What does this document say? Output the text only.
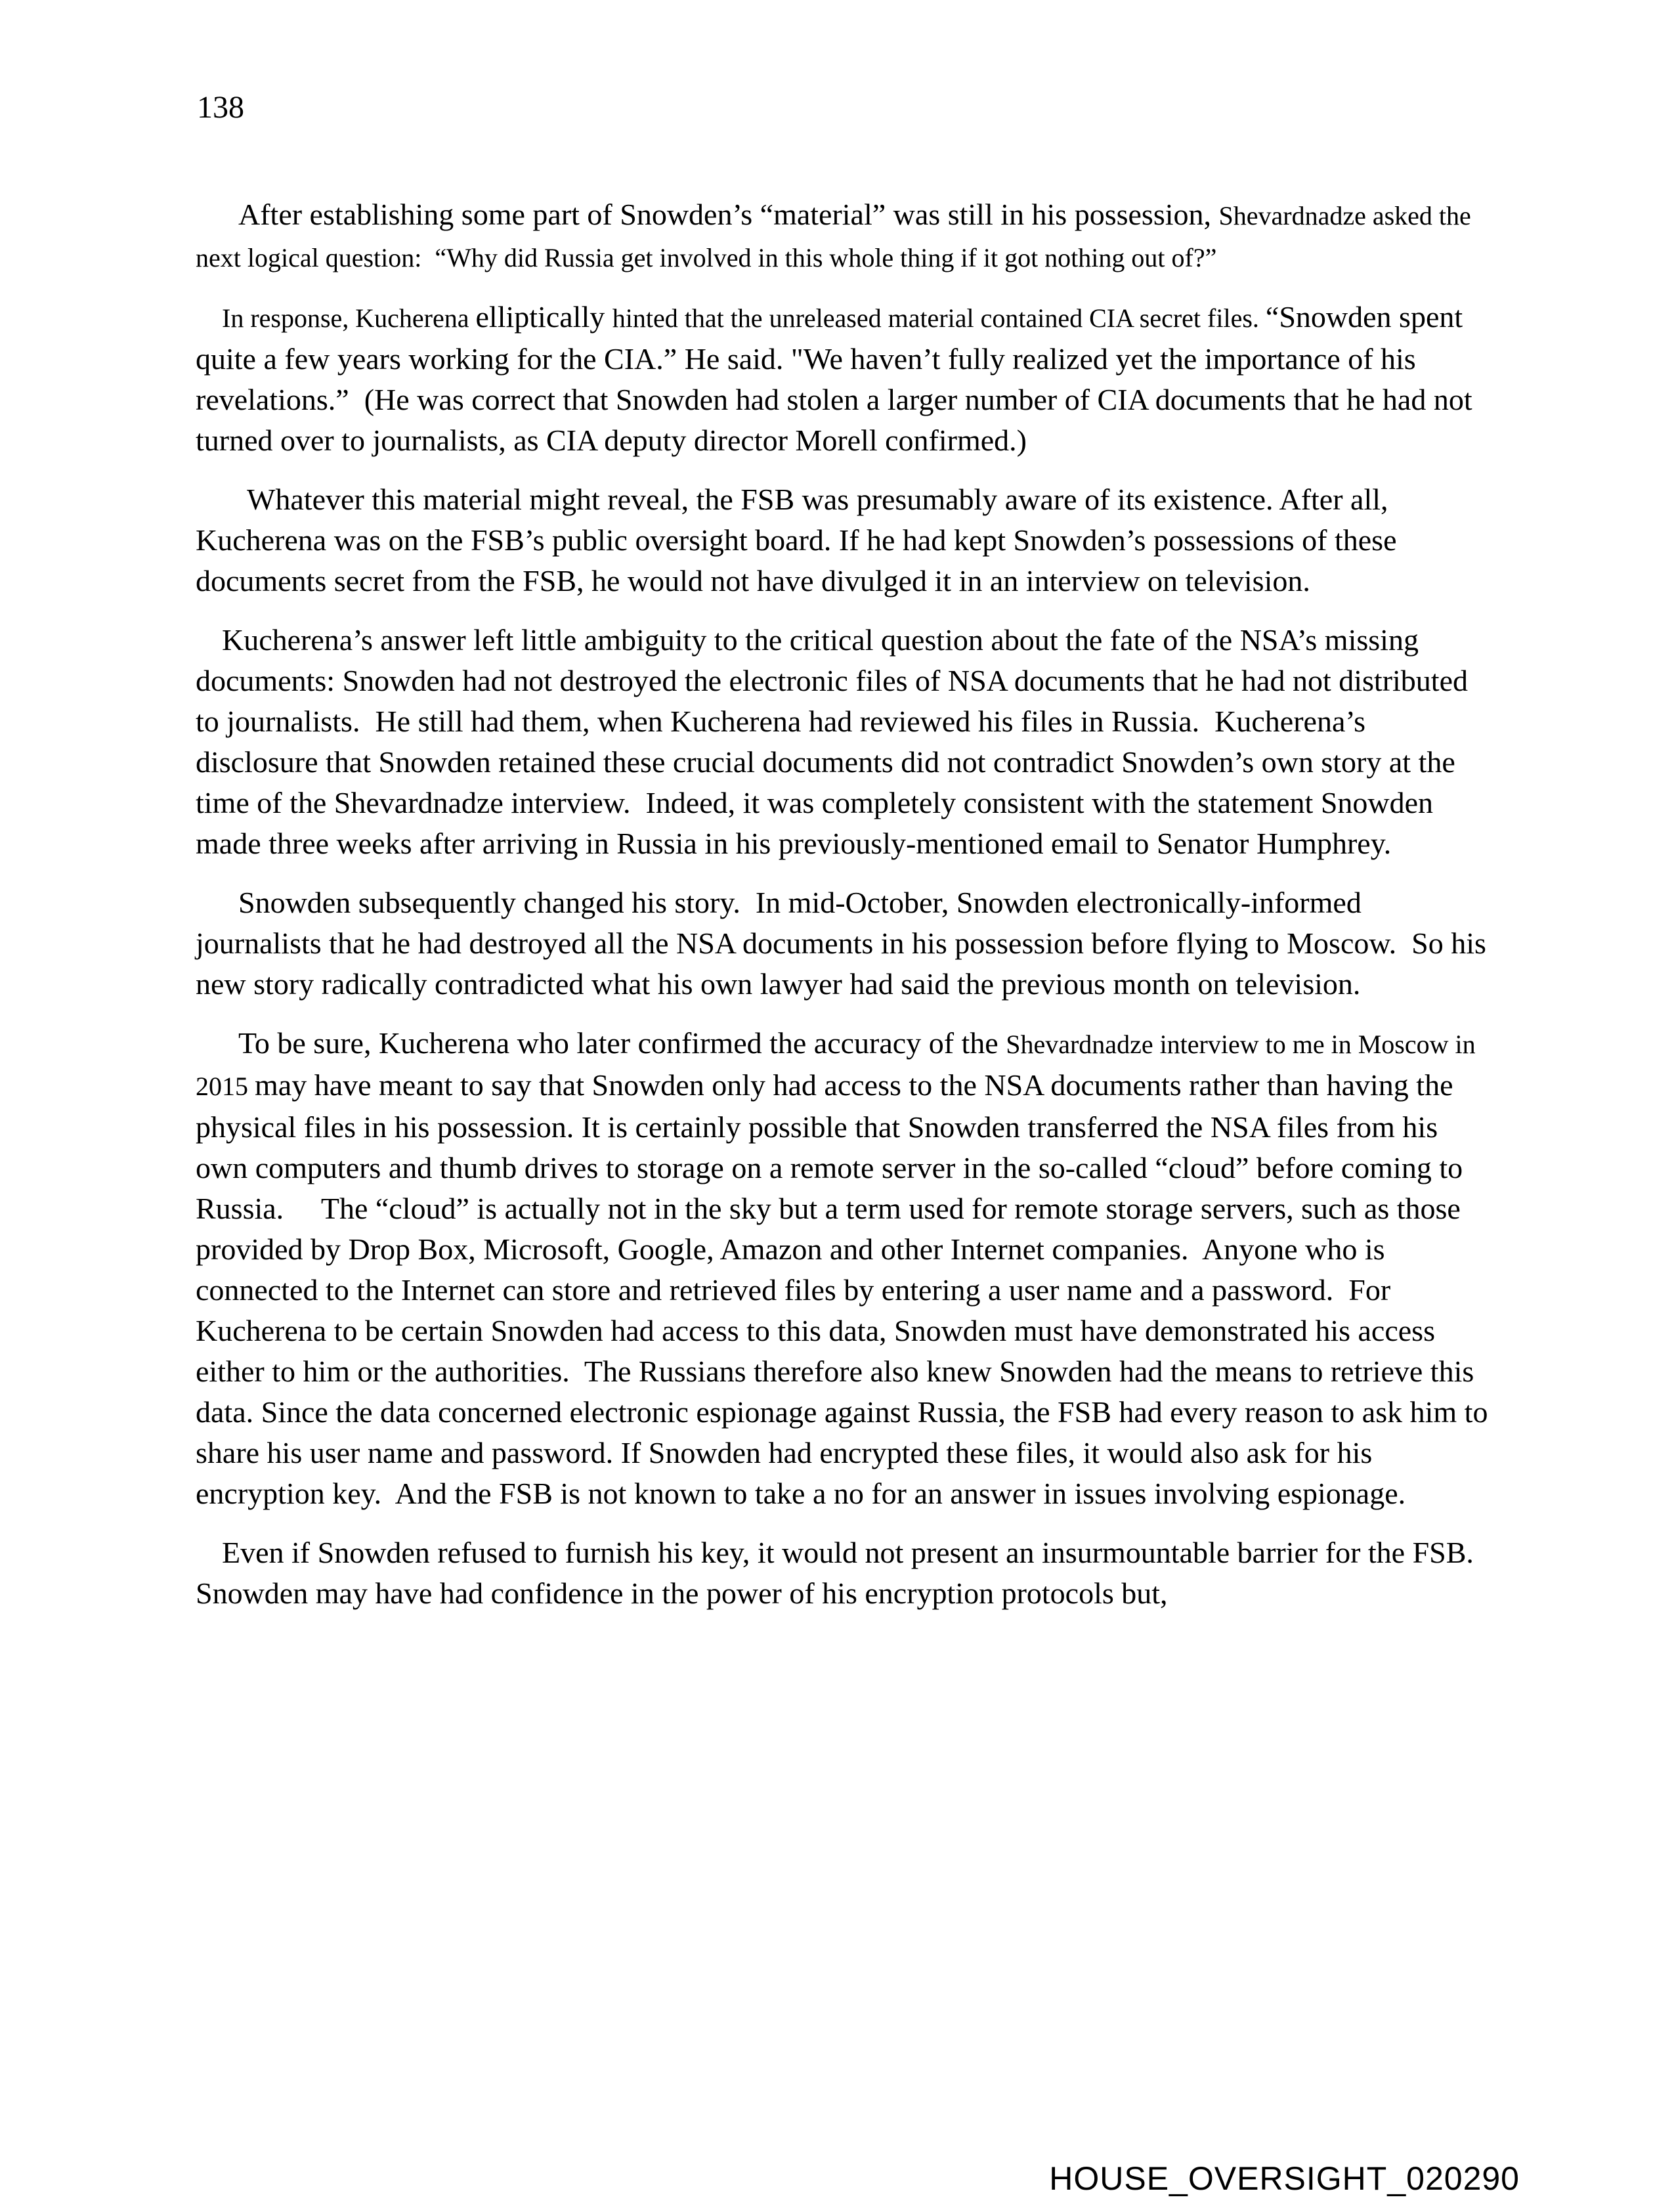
138

After establishing some part of Snowden’s “material” was still in his possession, Shevardnadze asked the next logical question:  “Why did Russia get involved in this whole thing if it got nothing out of?”

In response, Kucherena elliptically hinted that the unreleased material contained CIA secret files. “Snowden spent quite a few years working for the CIA.” He said. "We haven’t fully realized yet the importance of his revelations.”  (He was correct that Snowden had stolen a larger number of CIA documents that he had not turned over to journalists, as CIA deputy director Morell confirmed.)

Whatever this material might reveal, the FSB was presumably aware of its existence. After all, Kucherena was on the FSB’s public oversight board. If he had kept Snowden’s possessions of these documents secret from the FSB, he would not have divulged it in an interview on television.

Kucherena’s answer left little ambiguity to the critical question about the fate of the NSA’s missing documents: Snowden had not destroyed the electronic files of NSA documents that he had not distributed to journalists.  He still had them, when Kucherena had reviewed his files in Russia.  Kucherena’s disclosure that Snowden retained these crucial documents did not contradict Snowden’s own story at the time of the Shevardnadze interview.  Indeed, it was completely consistent with the statement Snowden made three weeks after arriving in Russia in his previously-mentioned email to Senator Humphrey.

Snowden subsequently changed his story.  In mid-October, Snowden electronically-informed journalists that he had destroyed all the NSA documents in his possession before flying to Moscow.  So his new story radically contradicted what his own lawyer had said the previous month on television.

To be sure, Kucherena who later confirmed the accuracy of the Shevardnadze interview to me in Moscow in 2015 may have meant to say that Snowden only had access to the NSA documents rather than having the physical files in his possession. It is certainly possible that Snowden transferred the NSA files from his own computers and thumb drives to storage on a remote server in the so-called “cloud” before coming to Russia.     The “cloud” is actually not in the sky but a term used for remote storage servers, such as those provided by Drop Box, Microsoft, Google, Amazon and other Internet companies.  Anyone who is connected to the Internet can store and retrieved files by entering a user name and a password.  For Kucherena to be certain Snowden had access to this data, Snowden must have demonstrated his access either to him or the authorities.  The Russians therefore also knew Snowden had the means to retrieve this data. Since the data concerned electronic espionage against Russia, the FSB had every reason to ask him to share his user name and password. If Snowden had encrypted these files, it would also ask for his encryption key.  And the FSB is not known to take a no for an answer in issues involving espionage.

Even if Snowden refused to furnish his key, it would not present an insurmountable barrier for the FSB.  Snowden may have had confidence in the power of his encryption protocols but,

HOUSE_OVERSIGHT_020290
